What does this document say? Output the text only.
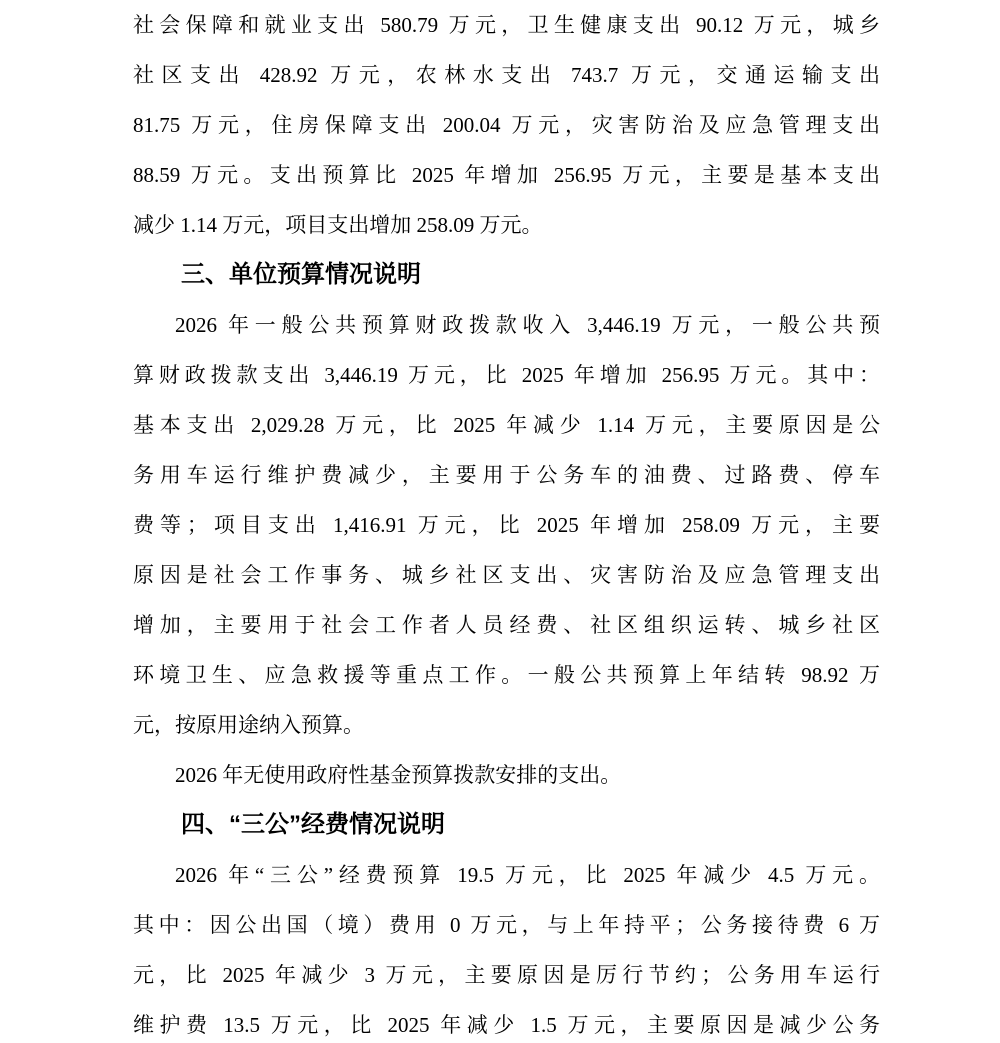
社会保障和就业支出 580.79 万元，卫生健康支出 90.12 万元，城乡
社区支出 428.92 万元，农林水支出 743.7 万元，交通运输支出
81.75 万元，住房保障支出 200.04 万元，灾害防治及应急管理支出
88.59 万元。支出预算比 2025 年增加 256.95 万元，主要是基本支出
减少 1.14 万元，项目支出增加 258.09 万元。
三、单位预算情况说明
2026 年一般公共预算财政拨款收入 3,446.19 万元，一般公共预
算财政拨款支出 3,446.19 万元，比 2025 年增加 256.95 万元。其中：
基本支出 2,029.28 万元，比 2025 年减少 1.14 万元，主要原因是公
务用车运行维护费减少，主要用于公务车的油费、过路费、停车
费等；项目支出 1,416.91 万元，比 2025 年增加 258.09 万元，主要
原因是社会工作事务、城乡社区支出、灾害防治及应急管理支出
增加，主要用于社会工作者人员经费、社区组织运转、城乡社区
环境卫生、应急救援等重点工作。一般公共预算上年结转 98.92 万
元，按原用途纳入预算。
2026 年无使用政府性基金预算拨款安排的支出。
四、“三公”经费情况说明
2026 年“三公”经费预算 19.5 万元，比 2025 年减少 4.5 万元。
其中：因公出国（境）费用 0 万元，与上年持平；公务接待费 6 万
元，比 2025 年减少 3 万元，主要原因是厉行节约；公务用车运行
维护费 13.5 万元，比 2025 年减少 1.5 万元，主要原因是减少公务
